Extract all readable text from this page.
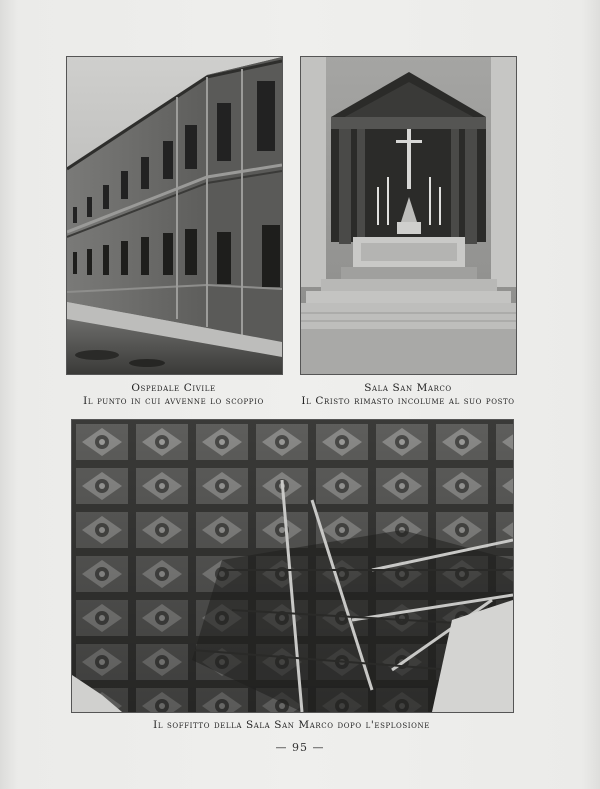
Ospedale Civile
Il punto in cui avvenne lo scoppio
Sala San Marco
Il Cristo rimasto incolume al suo posto
Il soffitto della Sala San Marco dopo l'esplosione
— 95 —
